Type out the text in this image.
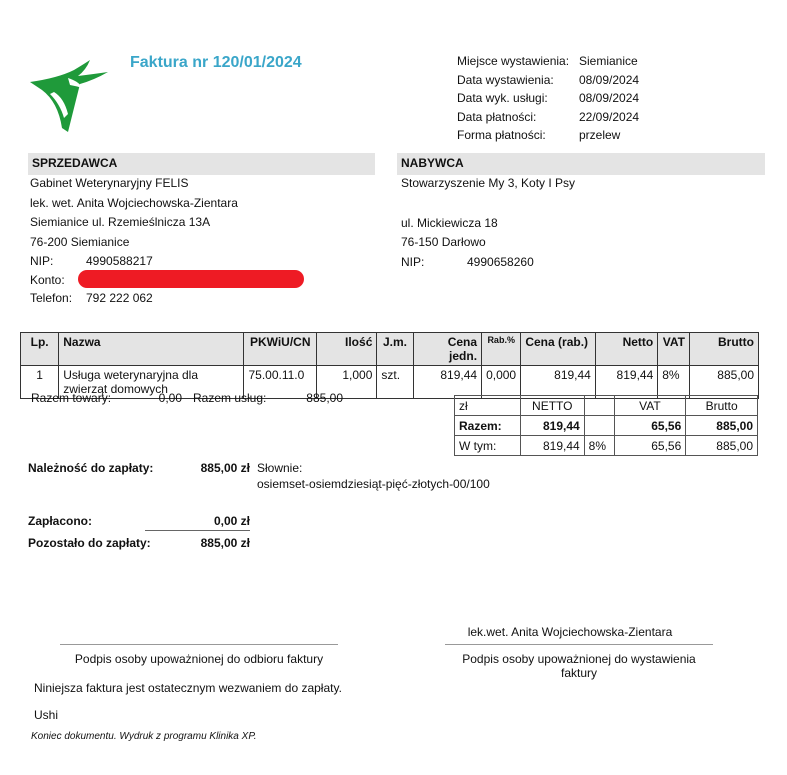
Faktura nr 120/01/2024	Miejsce wystawienia: Siemianice
Data wystawienia:	08/09/2024
Data wyk. usługi:	08/09/2024
Data płatności:	22/09/2024
Forma płatności:	przelew
SPRZEDAWCA	NABYWCA
Gabinet Weterynaryjny FELIS
lek. wet. Anita Wojciechowska-Zientara
Siemianice ul. Rzemieślnicza 13A
76-200 Siemianice
NIP:	4990588217
Konto:
Telefon: 792 222 062
Stowarzyszenie My 3, Koty I Psy
ul. Mickiewicza 18
76-150 Darłowo
NIP:	4990658260
Lp.	Nazwa	PKWiU/CN	Ilość	J.m.	Cena jedn.	Rab.%	Cena (rab.)	Netto	VAT	Brutto
1	Usługa weterynaryjna dla zwierząt domowych	75.00.11.0	1,000	szt.	819,44	0,000	819,44	819,44	8%	885,00
Razem towary:	0,00 Razem usług:	885,00
zł	NETTO		VAT	Brutto
Razem:	819,44		65,56	885,00
W tym:	819,44	8%	65,56	885,00
Należność do zapłaty:	885,00 zł Słownie:
osiemset-osiemdziesiąt-pięć-złotych-00/100
Zapłacono:	0,00 zł
Pozostało do zapłaty:	885,00 zł
lek.wet. Anita Wojciechowska-Zientara
Podpis osoby upoważnionej do odbioru faktury	Podpis osoby upoważnionej do wystawienia faktury
Niniejsza faktura jest ostatecznym wezwaniem do zapłaty.
Ushi
Koniec dokumentu. Wydruk z programu Klinika XP.
